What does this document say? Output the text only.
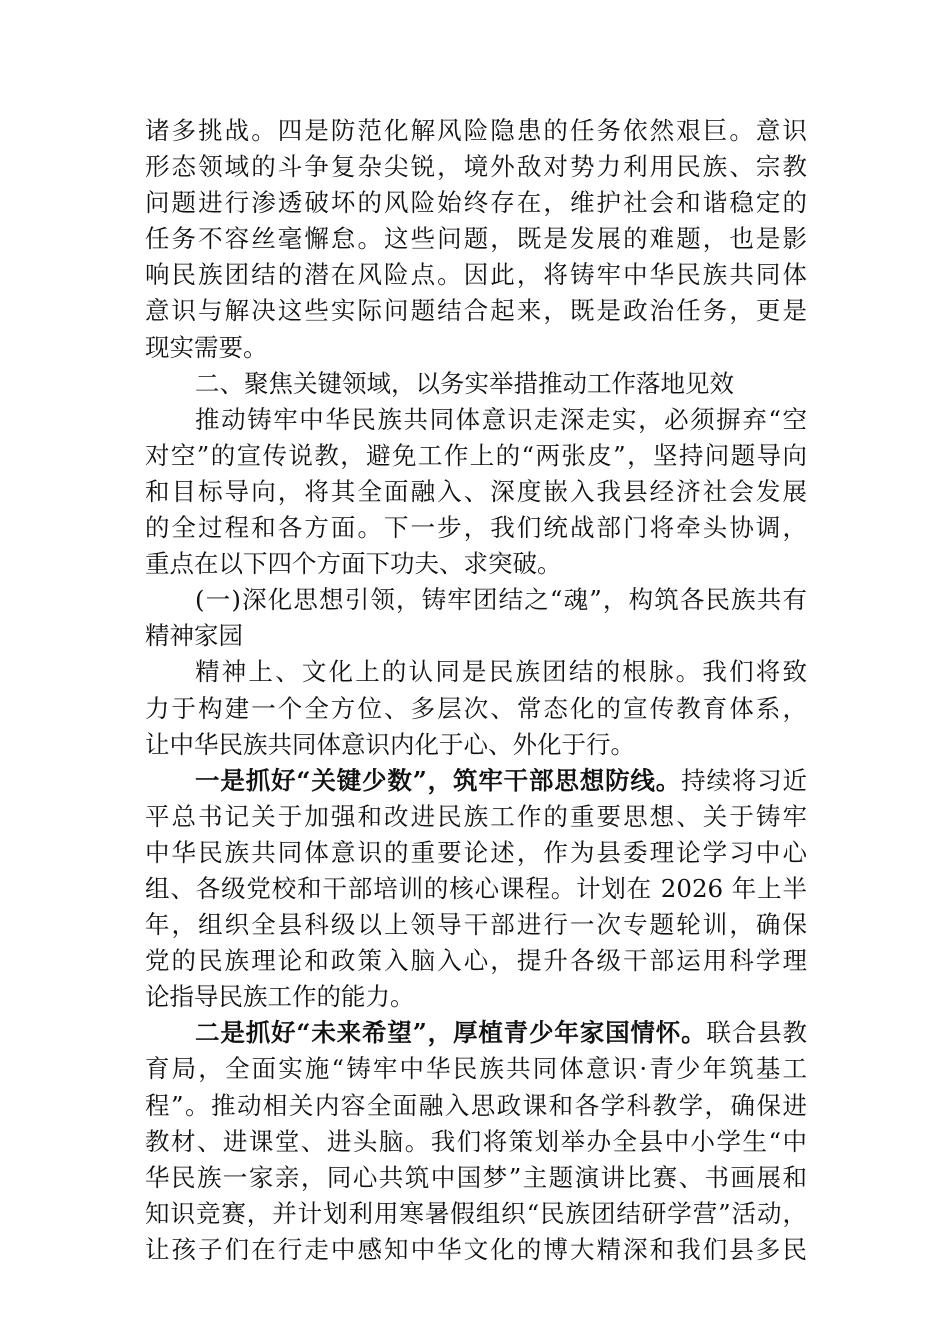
诸多挑战。四是防范化解风险隐患的任务依然艰巨。意识
形态领域的斗争复杂尖锐，境外敌对势力利用民族、宗教
问题进行渗透破坏的风险始终存在，维护社会和谐稳定的
任务不容丝毫懈怠。这些问题，既是发展的难题，也是影
响民族团结的潜在风险点。因此，将铸牢中华民族共同体
意识与解决这些实际问题结合起来，既是政治任务，更是
现实需要。
二、聚焦关键领域，以务实举措推动工作落地见效
推动铸牢中华民族共同体意识走深走实，必须摒弃“空
对空”的宣传说教，避免工作上的“两张皮”，坚持问题导向
和目标导向，将其全面融入、深度嵌入我县经济社会发展
的全过程和各方面。下一步，我们统战部门将牵头协调，
重点在以下四个方面下功夫、求突破。
(一)深化思想引领，铸牢团结之“魂”，构筑各民族共有
精神家园
精神上、文化上的认同是民族团结的根脉。我们将致
力于构建一个全方位、多层次、常态化的宣传教育体系，
让中华民族共同体意识内化于心、外化于行。
一是抓好“关键少数”，筑牢干部思想防线。持续将习近
平总书记关于加强和改进民族工作的重要思想、关于铸牢
中华民族共同体意识的重要论述，作为县委理论学习中心
组、各级党校和干部培训的核心课程。计划在 2026 年上半
年，组织全县科级以上领导干部进行一次专题轮训，确保
党的民族理论和政策入脑入心，提升各级干部运用科学理
论指导民族工作的能力。
二是抓好“未来希望”，厚植青少年家国情怀。联合县教
育局，全面实施“铸牢中华民族共同体意识·青少年筑基工
程”。推动相关内容全面融入思政课和各学科教学，确保进
教材、进课堂、进头脑。我们将策划举办全县中小学生“中
华民族一家亲，同心共筑中国梦”主题演讲比赛、书画展和
知识竞赛，并计划利用寒暑假组织“民族团结研学营”活动，
让孩子们在行走中感知中华文化的博大精深和我们县多民
